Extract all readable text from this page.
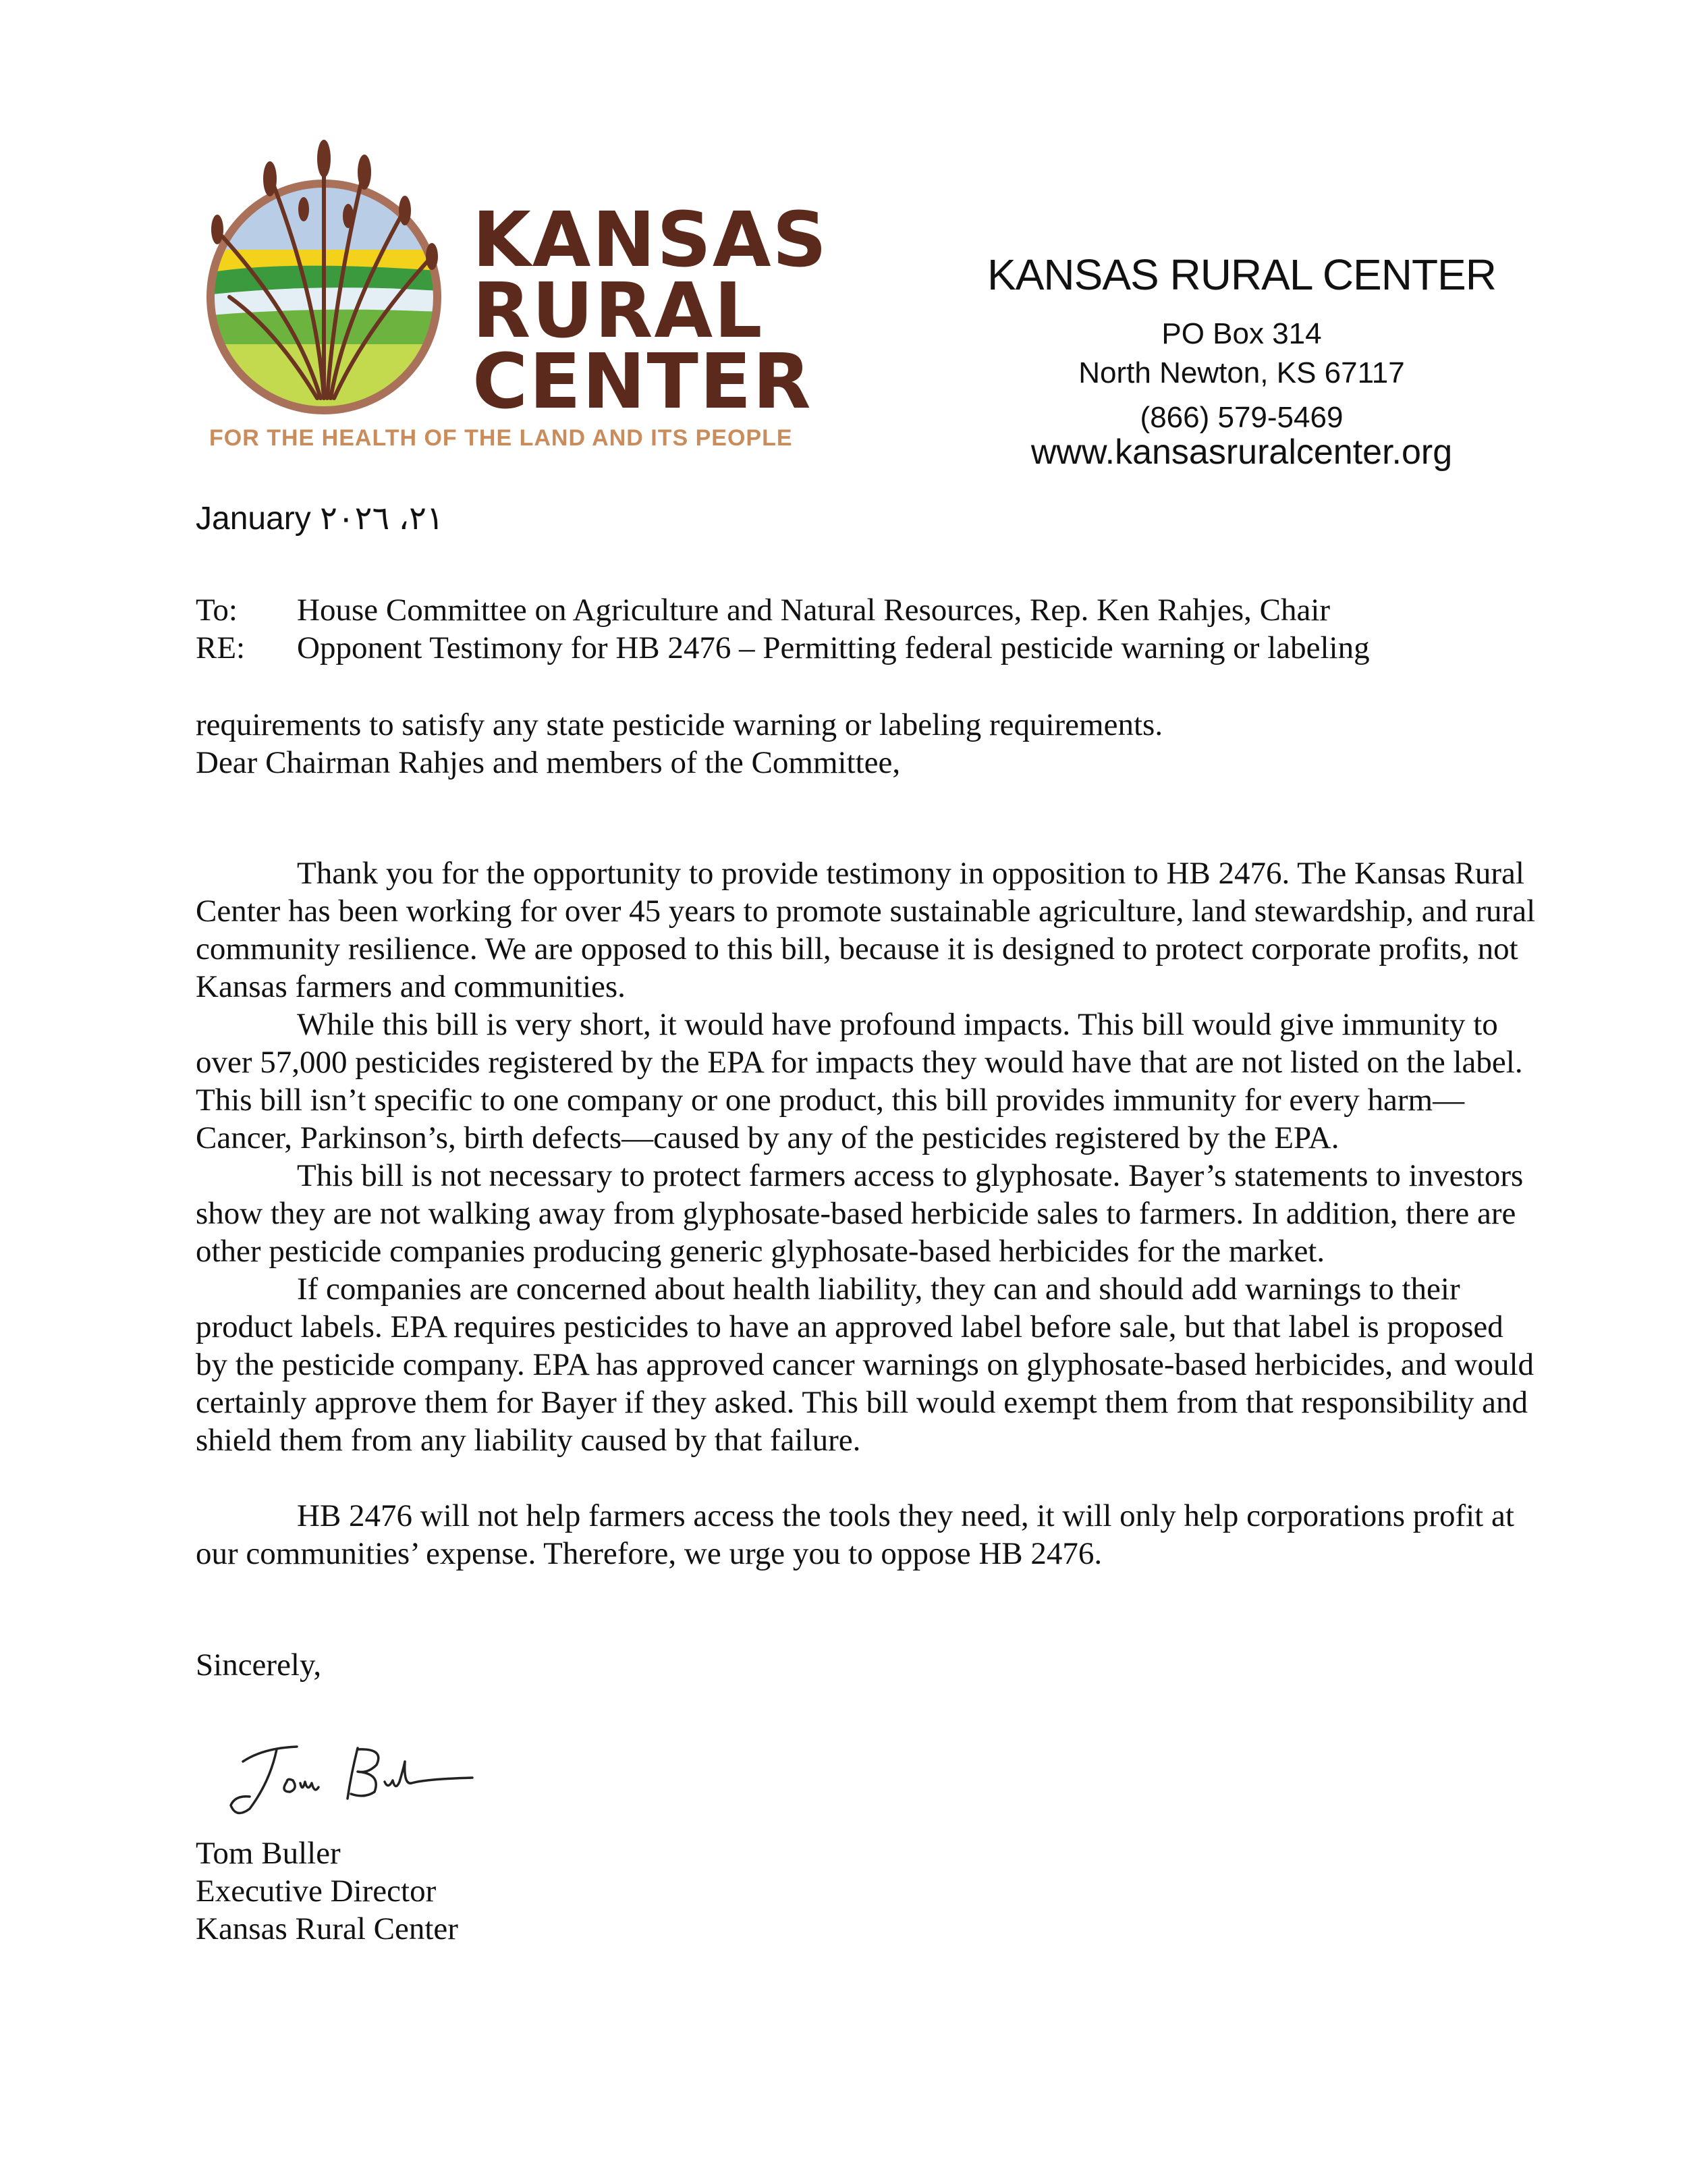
KANSAS
RURAL
CENTER
FOR THE HEALTH OF THE LAND AND ITS PEOPLE
KANSAS RURAL CENTER
PO Box 314
North Newton, KS 67117
(866) 579-5469
www.kansasruralcenter.org
January ٢١، ٢٠٢٦
To: House Committee on Agriculture and Natural Resources, Rep. Ken Rahjes, Chair
RE: Opponent Testimony for HB 2476 – Permitting federal pesticide warning or labeling
requirements to satisfy any state pesticide warning or labeling requirements.
Dear Chairman Rahjes and members of the Committee,

Thank you for the opportunity to provide testimony in opposition to HB 2476. The Kansas Rural Center has been working for over 45 years to promote sustainable agriculture, land stewardship, and rural community resilience. We are opposed to this bill, because it is designed to protect corporate profits, not Kansas farmers and communities.

While this bill is very short, it would have profound impacts. This bill would give immunity to over 57,000 pesticides registered by the EPA for impacts they would have that are not listed on the label. This bill isn’t specific to one company or one product, this bill provides immunity for every harm—Cancer, Parkinson’s, birth defects—caused by any of the pesticides registered by the EPA.

This bill is not necessary to protect farmers access to glyphosate. Bayer’s statements to investors show they are not walking away from glyphosate-based herbicide sales to farmers. In addition, there are other pesticide companies producing generic glyphosate-based herbicides for the market.

If companies are concerned about health liability, they can and should add warnings to their product labels. EPA requires pesticides to have an approved label before sale, but that label is proposed by the pesticide company. EPA has approved cancer warnings on glyphosate-based herbicides, and would certainly approve them for Bayer if they asked. This bill would exempt them from that responsibility and shield them from any liability caused by that failure.

HB 2476 will not help farmers access the tools they need, it will only help corporations profit at our communities’ expense. Therefore, we urge you to oppose HB 2476.

Sincerely,
Tom Buller
Executive Director
Kansas Rural Center
